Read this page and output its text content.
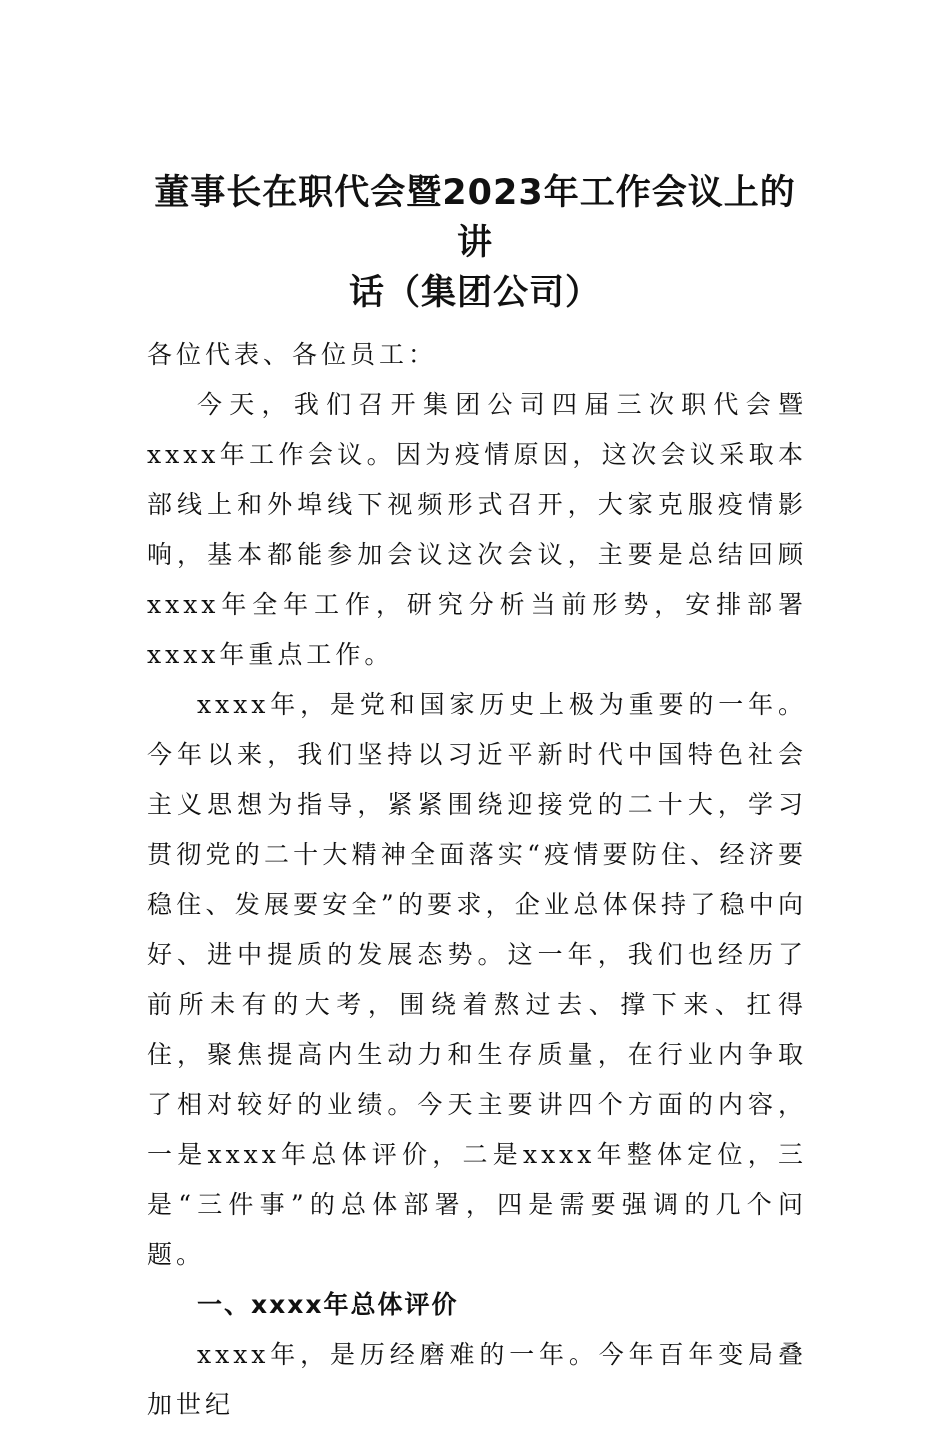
董事长在职代会暨2023年工作会议上的讲
话（集团公司）

各位代表、各位员工：

今天，我们召开集团公司四届三次职代会暨xxxx年工作会议。因为疫情原因，这次会议采取本部线上和外埠线下视频形式召开，大家克服疫情影响，基本都能参加会议这次会议，主要是总结回顾xxxx年全年工作，研究分析当前形势，安排部署xxxx年重点工作。

xxxx年，是党和国家历史上极为重要的一年。今年以来，我们坚持以习近平新时代中国特色社会主义思想为指导，紧紧围绕迎接党的二十大，学习贯彻党的二十大精神全面落实“疫情要防住、经济要稳住、发展要安全”的要求，企业总体保持了稳中向好、进中提质的发展态势。这一年，我们也经历了前所未有的大考，围绕着熬过去、撑下来、扛得住，聚焦提高内生动力和生存质量，在行业内争取了相对较好的业绩。今天主要讲四个方面的内容，一是xxxx年总体评价，二是xxxx年整体定位，三是“三件事”的总体部署，四是需要强调的几个问题。

一、xxxx年总体评价

xxxx年，是历经磨难的一年。今年百年变局叠加世纪
